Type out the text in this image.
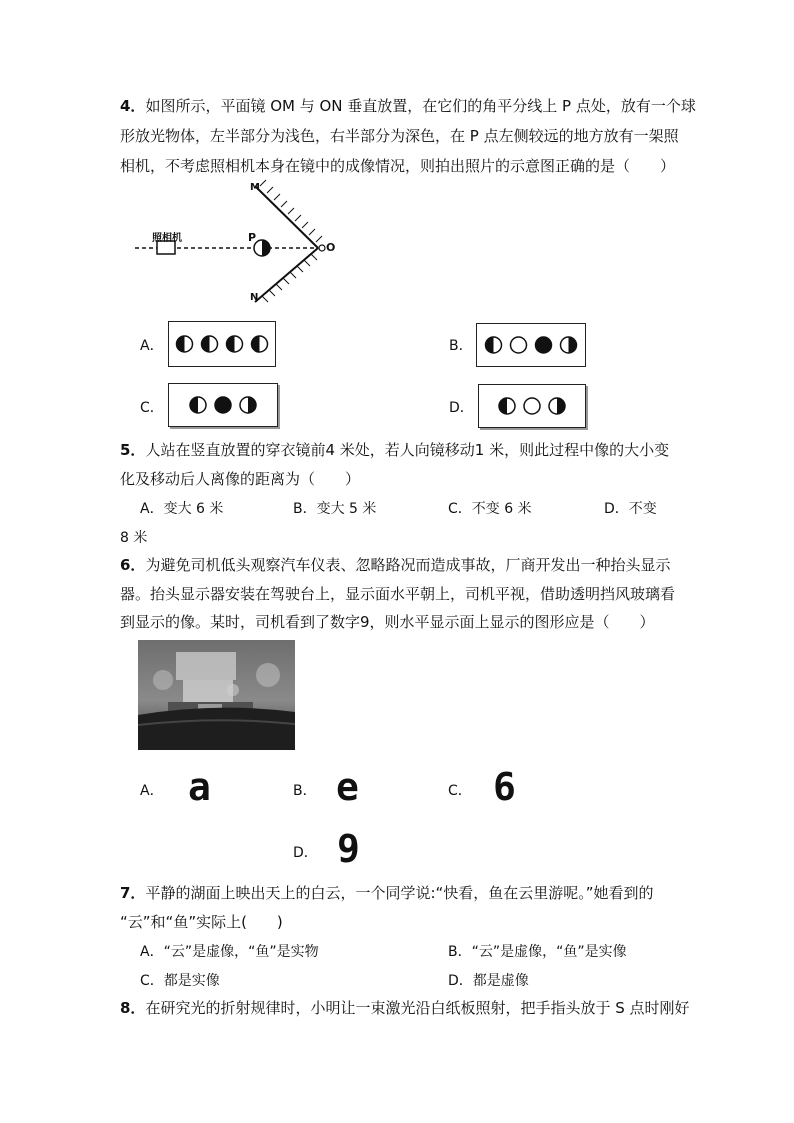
4．如图所示，平面镜 OM 与 ON 垂直放置，在它们的角平分线上 P 点处，放有一个球
形放光物体，左半部分为浅色，右半部分为深色，在 P 点左侧较远的地方放有一架照
相机，不考虑照相机本身在镜中的成像情况，则拍出照片的示意图正确的是（　　）
照相机	P
M
N
O
A．	B．
C．	D．
5．人站在竖直放置的穿衣镜前4 米处，若人向镜移动1 米，则此过程中像的大小变
化及移动后人离像的距离为（　　）
A．变大 6 米	B．变大 5 米	C．不变 6 米	D．不变
8 米
6．为避免司机低头观察汽车仪表、忽略路况而造成事故，厂商开发出一种抬头显示
器。抬头显示器安装在驾驶台上，显示面水平朝上，司机平视，借助透明挡风玻璃看
到显示的像。某时，司机看到了数字9，则水平显示面上显示的图形应是（　　）
A． a	B． e	C． 6
D． 9
7．平静的湖面上映出天上的白云，一个同学说:“快看，鱼在云里游呢。”她看到的
“云”和“鱼”实际上(　　)
A．“云”是虚像，“鱼”是实物	B．“云”是虚像，“鱼”是实像
C．都是实像	D．都是虚像
8．在研究光的折射规律时，小明让一束激光沿白纸板照射，把手指头放于 S 点时刚好
